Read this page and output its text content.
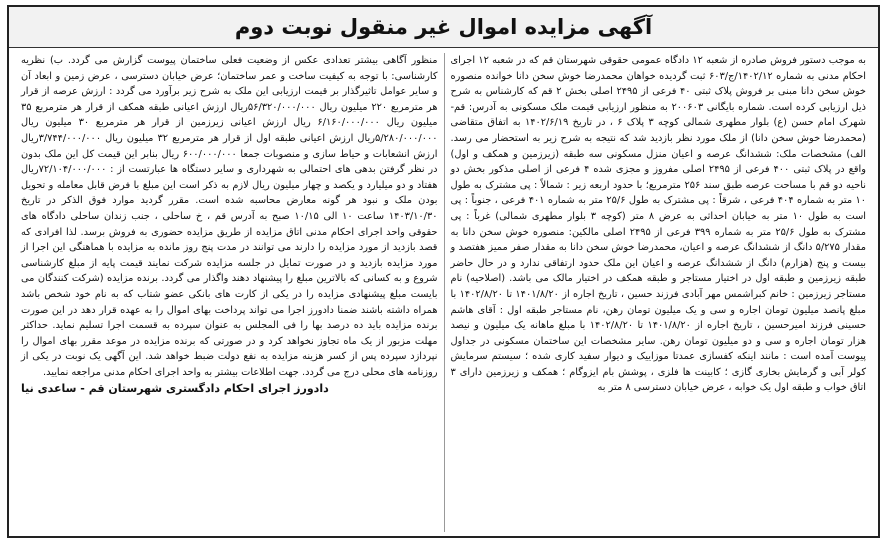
آگهی مزایده اموال غیر منقول نوبت دوم

به موجب دستور فروش صادره از شعبه ۱۲ دادگاه عمومی حقوقی شهرستان قم که در شعبه ۱۲ اجرای احکام مدنی به شماره ۱۴۰۲/۱۲/ج/۶۰۳ ثبت گردیده خواهان محمدرضا خوش سخن دانا خوانده منصوره خوش سخن دانا مبنی بر فروش پلاک ثبتی ۴۰ فرعی از ۲۴۹۵ اصلی بخش ۲ قم که کارشناس به شرح ذیل ارزیابی کرده است. شماره بایگانی ۲۰۰۶۰۳ به منظور ارزیابی قیمت ملک مسکونی به آدرس: قم-شهرک امام حسن (ع) بلوار مطهری شمالی کوچه ۳ پلاک ۶ ، در تاریخ ۱۴۰۲/۶/۱۹ به اتفاق متقاضی (محمدرضا خوش سخن دانا) از ملک مورد نظر بازدید شد که نتیجه به شرح زیر به استحضار می رسد. الف) مشخصات ملک: ششدانگ عرصه و اعیان منزل مسکونی سه طبقه (زیرزمین و همکف و اول) واقع در پلاک ثبتی ۴۰۰ فرعی از ۲۴۹۵ اصلی مفروز و مجزی شده ۴ فرعی از اصلی مذکور بخش دو ناحیه دو قم با مساحت عرصه طبق سند ۲۵۶ مترمربع؛ با حدود اربعه زیر : شمالاً : پی مشترک به طول ۱۰ متر به شماره ۴۰۴ فرعی ، شرقاً : پی مشترک به طول ۲۵/۶ متر به شماره ۴۰۱ فرعی ، جنوباً : پی است به طول ۱۰ متر به خیابان احداثی به عرض ۸ متر (کوچه ۳ بلوار مطهری شمالی) غرباً : پی مشترک به طول ۲۵/۶ متر به شماره ۳۹۹ فرعی از ۲۴۹۵ اصلی مالکین: منصوره خوش سخن دانا به مقدار ۵/۲۷۵ دانگ از ششدانگ عرصه و اعیان، محمدرضا خوش سخن دانا به مقدار صفر ممیز هفتصد و بیست و پنج (هزارم) دانگ از ششدانگ عرصه و اعیان این ملک حدود ارتفاقی ندارد و در حال حاضر طبقه زیرزمین و طبقه اول در اختیار مستاجر و طبقه همکف در اختیار مالک می باشد. (اصلاحیه) نام مستاجر زیرزمین : خانم کبراشمس مهر آبادی فرزند حسین ، تاریخ اجاره از ۱۴۰۱/۸/۲۰ تا ۱۴۰۲/۸/۲۰ با مبلغ پانصد میلیون تومان اجاره و سی و یک میلیون تومان رهن، نام مستاجر طبقه اول : آقای هاشم حسینی فرزند امیرحسین ، تاریخ اجاره از ۱۴۰۱/۸/۲۰ تا ۱۴۰۲/۸/۲۰ با مبلغ ماهانه یک میلیون و نیصد هزار تومان اجاره و سی و دو میلیون تومان رهن. سایر مشخصات این ساختمان مسکونی در جداول پیوست آمده است : مانند اینکه کفسازی عمدتا موزاییک و دیوار سفید کاری شده ؛ سیستم سرمایش کولر آبی و گرمایش بخاری گازی ؛ کابینت ها فلزی ، پوشش بام ایزوگام ؛ همکف و زیرزمین دارای ۳ اتاق خواب و طبقه اول یک خوابه ، عرض خیابان دسترسی ۸ متر به

منظور آگاهی بیشتر تعدادی عکس از وضعیت فعلی ساختمان پیوست گزارش می گردد. ب) نظریه کارشناسی: با توجه به کیفیت ساخت و عمر ساختمان؛ عرض خیابان دسترسی ، عرض زمین و ابعاد آن و سایر عوامل تاثیرگذار بر قیمت ارزیابی این ملک به شرح زیر برآورد می گردد : ارزش عرصه از قرار هر مترمربع ۲۲۰ میلیون ریال ۵۶/۳۲۰/۰۰۰/۰۰۰ریال ارزش اعیانی طبقه همکف از قرار هر مترمربع ۳۵ میلیون ریال ۶/۱۶۰/۰۰۰/۰۰۰ ریال ارزش اعیانی زیرزمین از قرار هر مترمربع ۳۰ میلیون ریال ۵/۲۸۰/۰۰۰/۰۰۰ریال ارزش اعیانی طبقه اول از قرار هر مترمربع ۳۲ میلیون ریال ۳/۷۴۴/۰۰۰/۰۰۰ریال ارزش انشعابات و حیاط سازی و منصوبات جمعا ۶۰۰/۰۰۰/۰۰۰ ریال بنابر این قیمت کل این ملک بدون در نظر گرفتن بدهی های احتمالی به شهرداری و سایر دستگاه ها عبارتست از : ۷۲/۱۰۴/۰۰۰/۰۰۰ریال هفتاد و دو میلیارد و یکصد و چهار میلیون ریال لازم به ذکر است این مبلغ با فرض قابل معامله و تحویل بودن ملک و نبود هر گونه معارض محاسبه شده است. مقرر گردید موارد فوق الذکر در تاریخ ۱۴۰۳/۱۰/۳۰ ساعت ۱۰ الی ۱۰/۱۵ صبح به آدرس قم ، خ ساحلی ، جنب زندان ساحلی دادگاه های حقوقی واحد اجرای احکام مدنی اتاق مزایده از طریق مزایده حضوری به فروش برسد. لذا افرادی که قصد بازدید از مورد مزایده را دارند می توانند در مدت پنج روز مانده به مزایده با هماهنگی این اجرا از مورد مزایده بازدید و در صورت تمایل در جلسه مزایده شرکت نمایند قیمت پایه از مبلغ کارشناسی شروع و به کسانی که بالاترین مبلغ را پیشنهاد دهند واگذار می گردد. برنده مزایده (شرکت کنندگان می بایست مبلغ پیشنهادی مزایده را در یکی از کارت های بانکی عضو شتاب که به نام خود شخص باشد همراه داشته باشند ضمنا دادورز اجرا می تواند پرداخت بهای اموال را به عهده قرار دهد در این صورت برنده مزایده باید ده درصد بها را فی المجلس به عنوان سپرده به قسمت اجرا تسلیم نماید. حداکثر مهلت مزبور از یک ماه تجاوز نخواهد کرد و در صورتی که برنده مزایده در موعد مقرر بهای اموال را نپردازد سپرده پس از کسر هزینه مزایده به نفع دولت ضبط خواهد شد. این آگهی یک نوبت در یکی از روزنامه های محلی درج می گردد. جهت اطلاعات بیشتر به واحد اجرای احکام مدنی مراجعه نمایید.

دادورز اجرای احکام دادگستری شهرستان قم - ساعدی نیا
